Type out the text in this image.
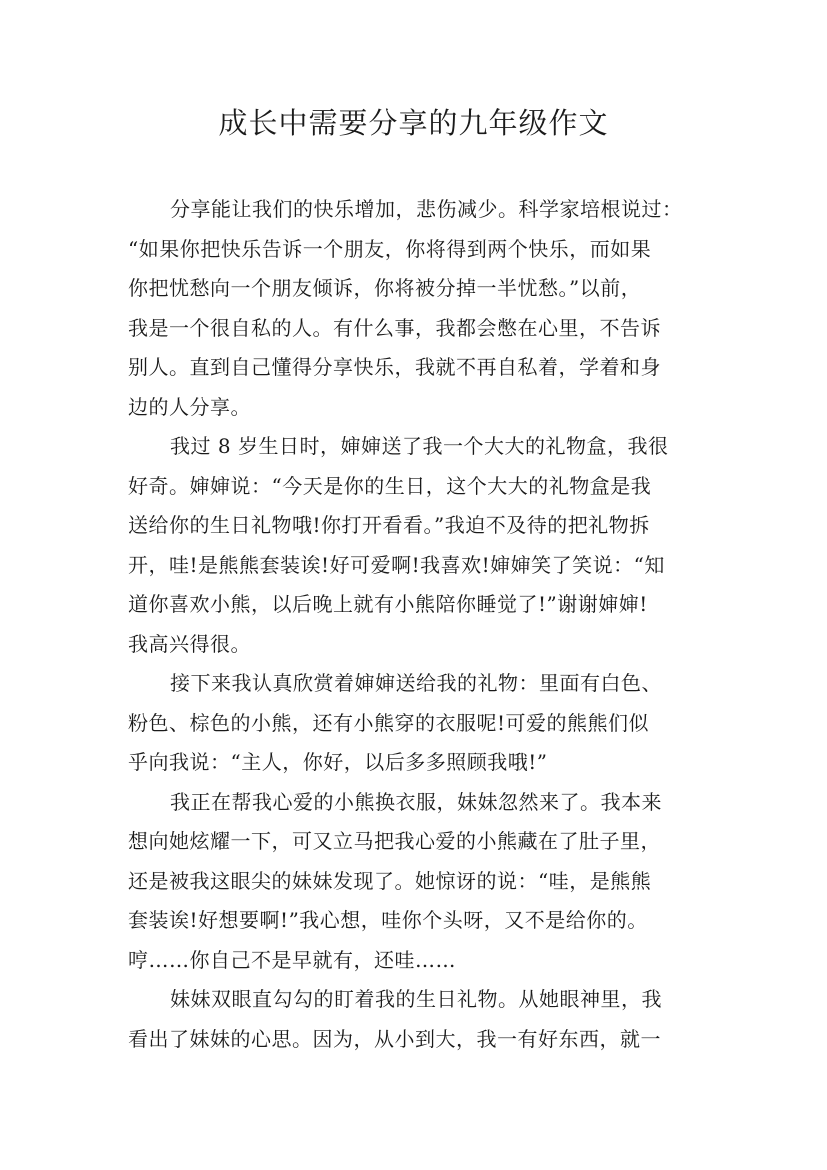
成长中需要分享的九年级作文
分享能让我们的快乐增加，悲伤减少。科学家培根说过：
“如果你把快乐告诉一个朋友，你将得到两个快乐，而如果
你把忧愁向一个朋友倾诉，你将被分掉一半忧愁。”以前，
我是一个很自私的人。有什么事，我都会憋在心里，不告诉
别人。直到自己懂得分享快乐，我就不再自私着，学着和身
边的人分享。
我过 8 岁生日时，婶婶送了我一个大大的礼物盒，我很
好奇。婶婶说：“今天是你的生日，这个大大的礼物盒是我
送给你的生日礼物哦!你打开看看。”我迫不及待的把礼物拆
开，哇!是熊熊套装诶!好可爱啊!我喜欢!婶婶笑了笑说：“知
道你喜欢小熊，以后晚上就有小熊陪你睡觉了!”谢谢婶婶!
我高兴得很。
接下来我认真欣赏着婶婶送给我的礼物：里面有白色、
粉色、棕色的小熊，还有小熊穿的衣服呢!可爱的熊熊们似
乎向我说：“主人，你好，以后多多照顾我哦!”
我正在帮我心爱的小熊换衣服，妹妹忽然来了。我本来
想向她炫耀一下，可又立马把我心爱的小熊藏在了肚子里，
还是被我这眼尖的妹妹发现了。她惊讶的说：“哇，是熊熊
套装诶!好想要啊!”我心想，哇你个头呀，又不是给你的。
哼……你自己不是早就有，还哇……
妹妹双眼直勾勾的盯着我的生日礼物。从她眼神里，我
看出了妹妹的心思。因为，从小到大，我一有好东西，就一
